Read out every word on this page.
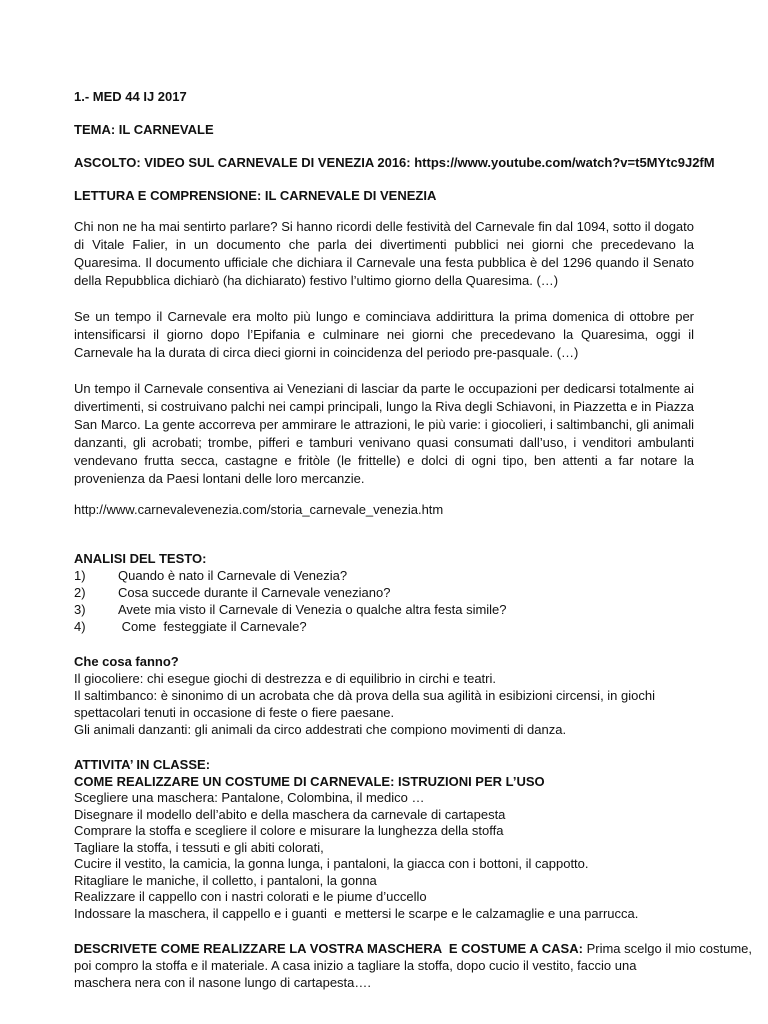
1.- MED 44 IJ 2017

TEMA: IL CARNEVALE

ASCOLTO: VIDEO SUL CARNEVALE DI VENEZIA 2016: https://www.youtube.com/watch?v=t5MYtc9J2fM

LETTURA E COMPRENSIONE: IL CARNEVALE DI VENEZIA

Chi non ne ha mai sentirto parlare? Si hanno ricordi delle festività del Carnevale fin dal 1094, sotto il dogato di Vitale Falier, in un documento che parla dei divertimenti pubblici nei giorni che precedevano la Quaresima. Il documento ufficiale che dichiara il Carnevale una festa pubblica è del 1296 quando il Senato della Repubblica dichiarò (ha dichiarato) festivo l’ultimo giorno della Quaresima. (…)

Se un tempo il Carnevale era molto più lungo e cominciava addirittura la prima domenica di ottobre per intensificarsi il giorno dopo l’Epifania e culminare nei giorni che precedevano la Quaresima, oggi il Carnevale ha la durata di circa dieci giorni in coincidenza del periodo pre-pasquale. (…)

Un tempo il Carnevale consentiva ai Veneziani di lasciar da parte le occupazioni per dedicarsi totalmente ai divertimenti, si costruivano palchi nei campi principali, lungo la Riva degli Schiavoni, in Piazzetta e in Piazza San Marco. La gente accorreva per ammirare le attrazioni, le più varie: i giocolieri, i saltimbanchi, gli animali danzanti, gli acrobati; trombe, pifferi e tamburi venivano quasi consumati dall’uso, i venditori ambulanti vendevano frutta secca, castagne e fritòle (le frittelle) e dolci di ogni tipo, ben attenti a far notare la provenienza da Paesi lontani delle loro mercanzie.

http://www.carnevalevenezia.com/storia_carnevale_venezia.htm

ANALISI DEL TESTO:

1)	Quando è nato il Carnevale di Venezia?
2)	Cosa succede durante il Carnevale veneziano?
3)	Avete mia visto il Carnevale di Venezia o qualche altra festa simile?
4)	Come  festeggiate il Carnevale?

Che cosa fanno?

Il giocoliere: chi esegue giochi di destrezza e di equilibrio in circhi e teatri.

Il saltimbanco: è sinonimo di un acrobata che dà prova della sua agilità in esibizioni circensi, in giochi

spettacolari tenuti in occasione di feste o fiere paesane.

Gli animali danzanti: gli animali da circo addestrati che compiono movimenti di danza.

ATTIVITA’ IN CLASSE:

COME REALIZZARE UN COSTUME DI CARNEVALE: ISTRUZIONI PER L’USO

Scegliere una maschera: Pantalone, Colombina, il medico …

Disegnare il modello dell’abito e della maschera da carnevale di cartapesta

Comprare la stoffa e scegliere il colore e misurare la lunghezza della stoffa

Tagliare la stoffa, i tessuti e gli abiti colorati,

Cucire il vestito, la camicia, la gonna lunga, i pantaloni, la giacca con i bottoni, il cappotto.

Ritagliare le maniche, il colletto, i pantaloni, la gonna

Realizzare il cappello con i nastri colorati e le piume d’uccello

Indossare la maschera, il cappello e i guanti  e mettersi le scarpe e le calzamaglie e una parrucca.

DESCRIVETE COME REALIZZARE LA VOSTRA MASCHERA  E COSTUME A CASA: Prima scelgo il mio costume,

poi compro la stoffa e il materiale. A casa inizio a tagliare la stoffa, dopo cucio il vestito, faccio una

maschera nera con il nasone lungo di cartapesta….
